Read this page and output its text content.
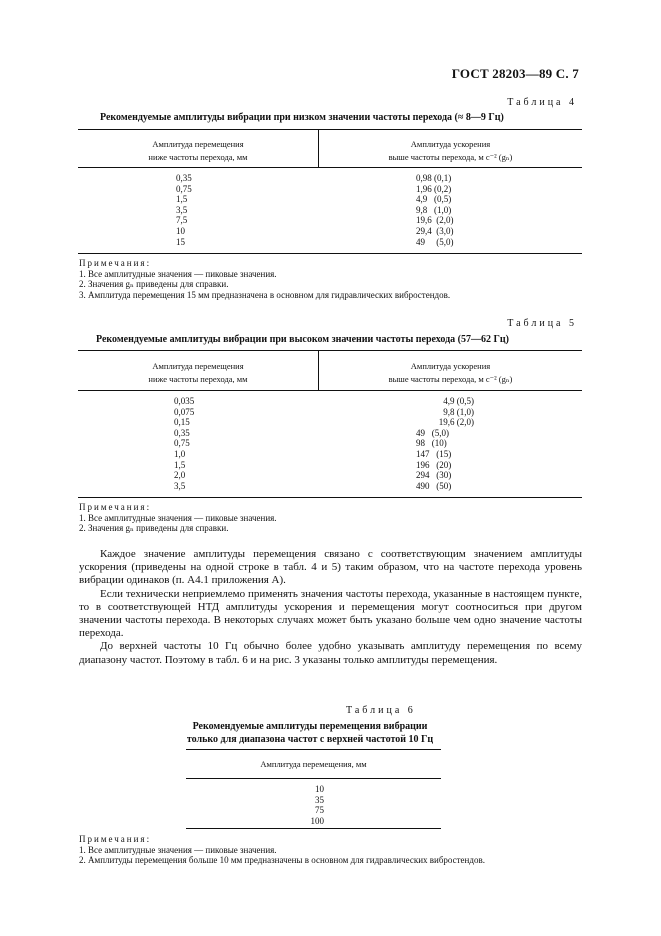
ГОСТ 28203—89 С. 7
Таблица 4
Рекомендуемые амплитуды вибрации при низком значении частоты перехода (≈ 8—9 Гц)
Амплитуда перемещения
ниже частоты перехода, мм
Амплитуда ускорения
выше частоты перехода, м с⁻² (gₙ)
0,35
0,75
1,5
3,5
7,5
10
15
0,98 (0,1)
1,96 (0,2)
4,9   (0,5)
9,8   (1,0)
19,6  (2,0)
29,4  (3,0)
49     (5,0)
Примечания:
1. Все амплитудные значения — пиковые значения.
2. Значения gₙ приведены для справки.
3. Амплитуда перемещения 15 мм предназначена в основном для гидравлических вибростендов.
Таблица 5
Рекомендуемые амплитуды вибрации при высоком значении частоты перехода (57—62 Гц)
Амплитуда перемещения
ниже частоты перехода, мм
Амплитуда ускорения
выше частоты перехода, м с⁻² (gₙ)
0,035
0,075
0,15
0,35
0,75
1,0
1,5
2,0
3,5
4,9 (0,5)
9,8 (1,0)
19,6 (2,0)
49   (5,0)
98   (10)
147   (15)
196   (20)
294   (30)
490   (50)
Примечания:
1. Все амплитудные значения — пиковые значения.
2. Значения gₙ приведены для справки.

Каждое значение амплитуды перемещения связано с соответствующим значением амплитуды ускорения (приведены на одной строке в табл. 4 и 5) таким образом, что на частоте перехода уровень вибрации одинаков (п. А4.1 приложения А).

Если технически неприемлемо применять значения частоты перехода, указанные в настоящем пункте, то в соответствующей НТД амплитуды ускорения и перемещения могут соотноситься при другом значении частоты перехода. В некоторых случаях может быть указано больше чем одно значение частоты перехода.

До верхней частоты 10 Гц обычно более удобно указывать амплитуду перемещения по всему диапазону частот. Поэтому в табл. 6 и на рис. 3 указаны только амплитуды перемещения.

Таблица 6
Рекомендуемые амплитуды перемещения вибрации
только для диапазона частот с верхней частотой 10 Гц
Амплитуда перемещения, мм
10
35
75
100
Примечания:
1. Все амплитудные значения — пиковые значения.
2. Амплитуды перемещения больше 10 мм предназначены в основном для гидравлических вибростендов.
